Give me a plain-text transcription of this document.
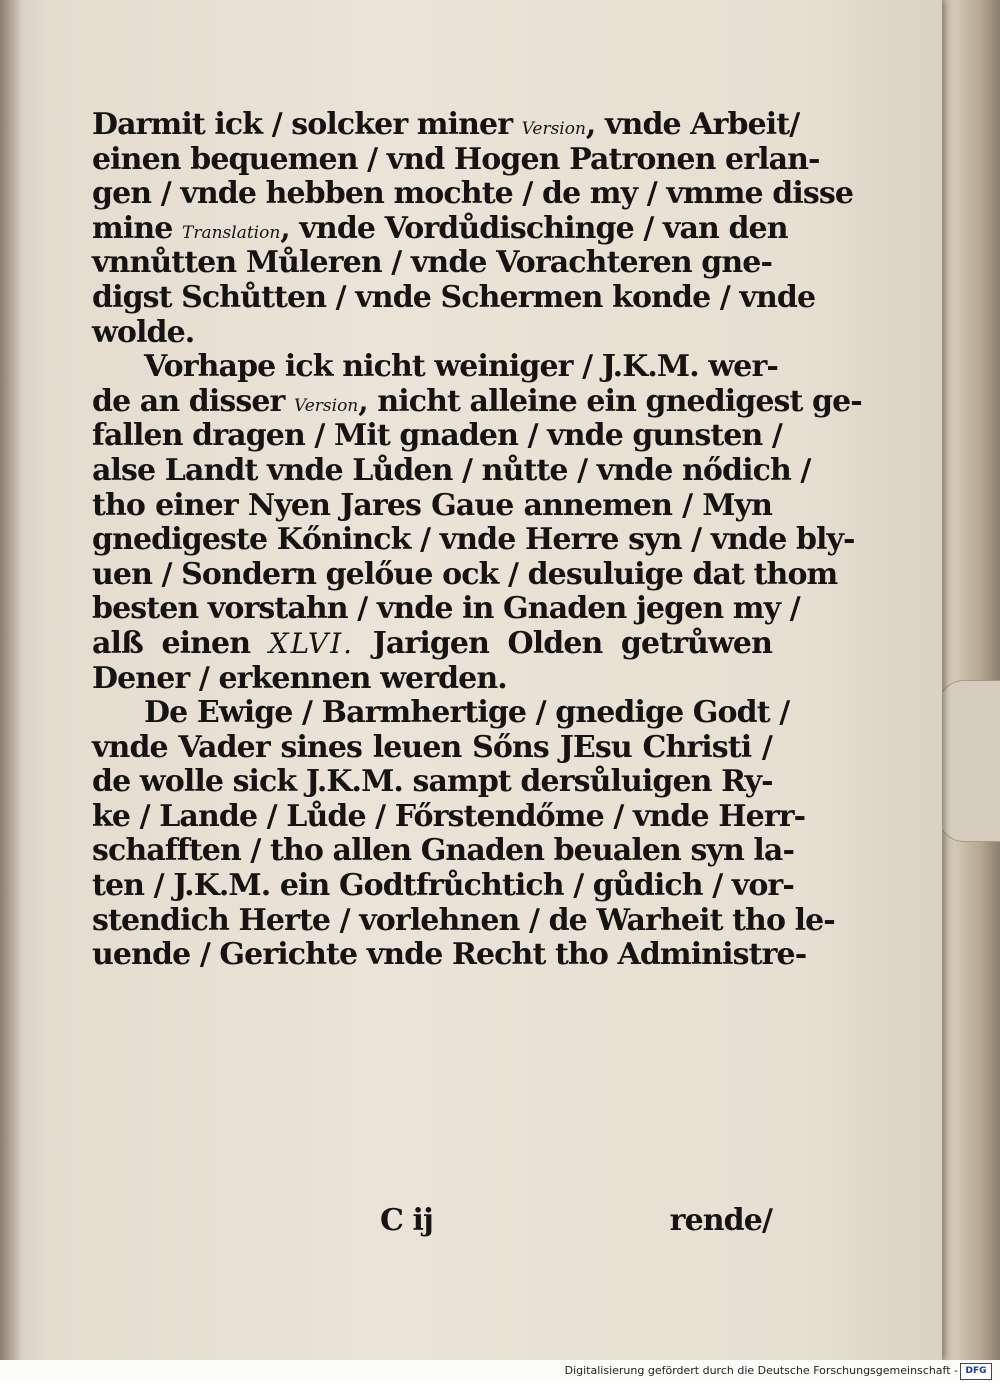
Darmit ick / solcker miner Version, vnde Arbeit/
einen bequemen / vnd Hogen Patronen erlan-
gen / vnde hebben mochte / de my / vmme disse
mine Translation, vnde Vordůdischinge / van den
vnnůtten Můleren / vnde Vorachteren gne-
digst Schůtten / vnde Schermen konde / vnde
wolde.
Vorhape ick nicht weiniger / J.K.M. wer-
de an disser Version, nicht alleine ein gnedigest ge-
fallen dragen / Mit gnaden / vnde gunsten /
alse Landt vnde Lůden / nůtte / vnde nődich /
tho einer Nyen Jares Gaue annemen / Myn
gnedigeste Kőninck / vnde Herre syn / vnde bly-
uen / Sondern gelőue ock / desuluige dat thom
besten vorstahn / vnde in Gnaden jegen my /
alß einen XLVI. Jarigen Olden getrůwen
Dener / erkennen werden.
De Ewige / Barmhertige / gnedige Godt /
vnde Vader sines leuen Sőns JEsu Christi /
de wolle sick J.K.M. sampt dersůluigen Ry-
ke / Lande / Lůde / Főrstendőme / vnde Herr-
schafften / tho allen Gnaden beualen syn la-
ten / J.K.M. ein Godtfrůchtich / gůdich / vor-
stendich Herte / vorlehnen / de Warheit tho le-
uende / Gerichte vnde Recht tho Administre-
C ij	rende/
Digitalisierung gefördert durch die Deutsche Forschungsgemeinschaft - DFG
